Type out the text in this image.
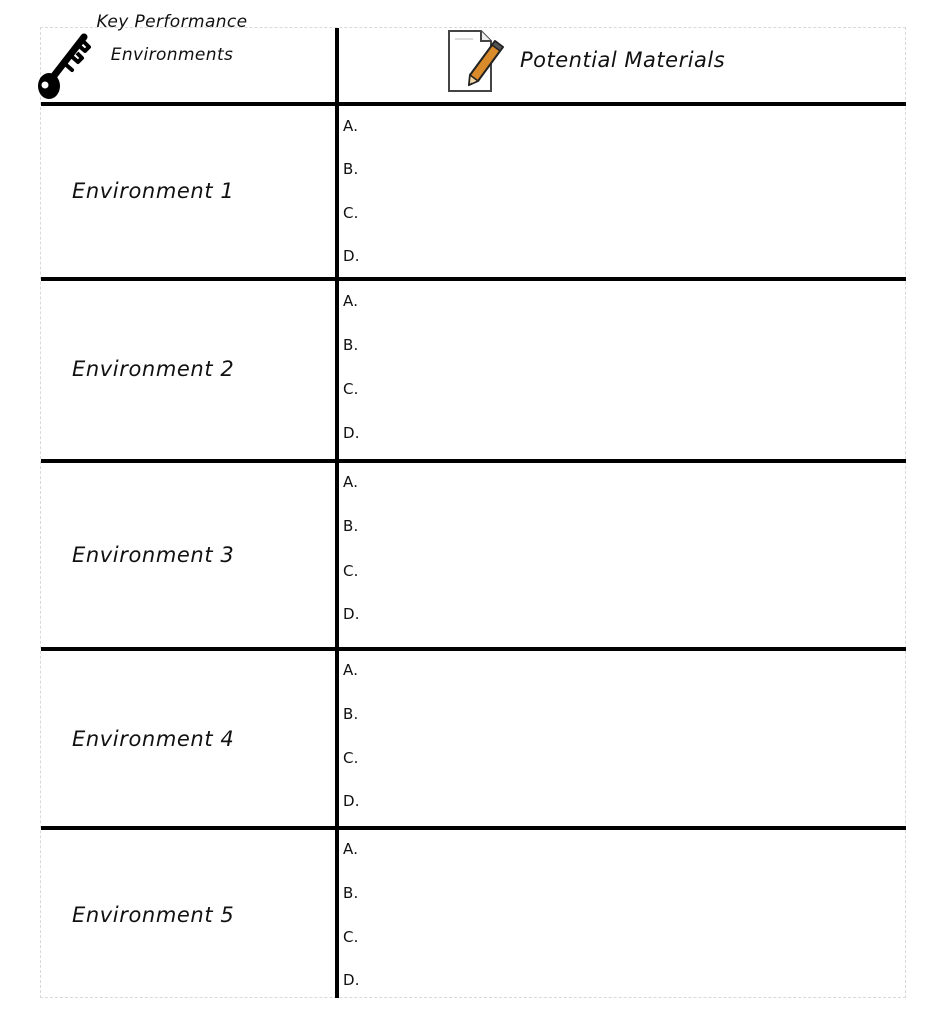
Key Performance
Environments	Potential Materials
Environment 1
A.
B.
C.
D.
Environment 2
A.
B.
C.
D.
Environment 3
A.
B.
C.
D.
Environment 4
A.
B.
C.
D.
Environment 5
A.
B.
C.
D.
